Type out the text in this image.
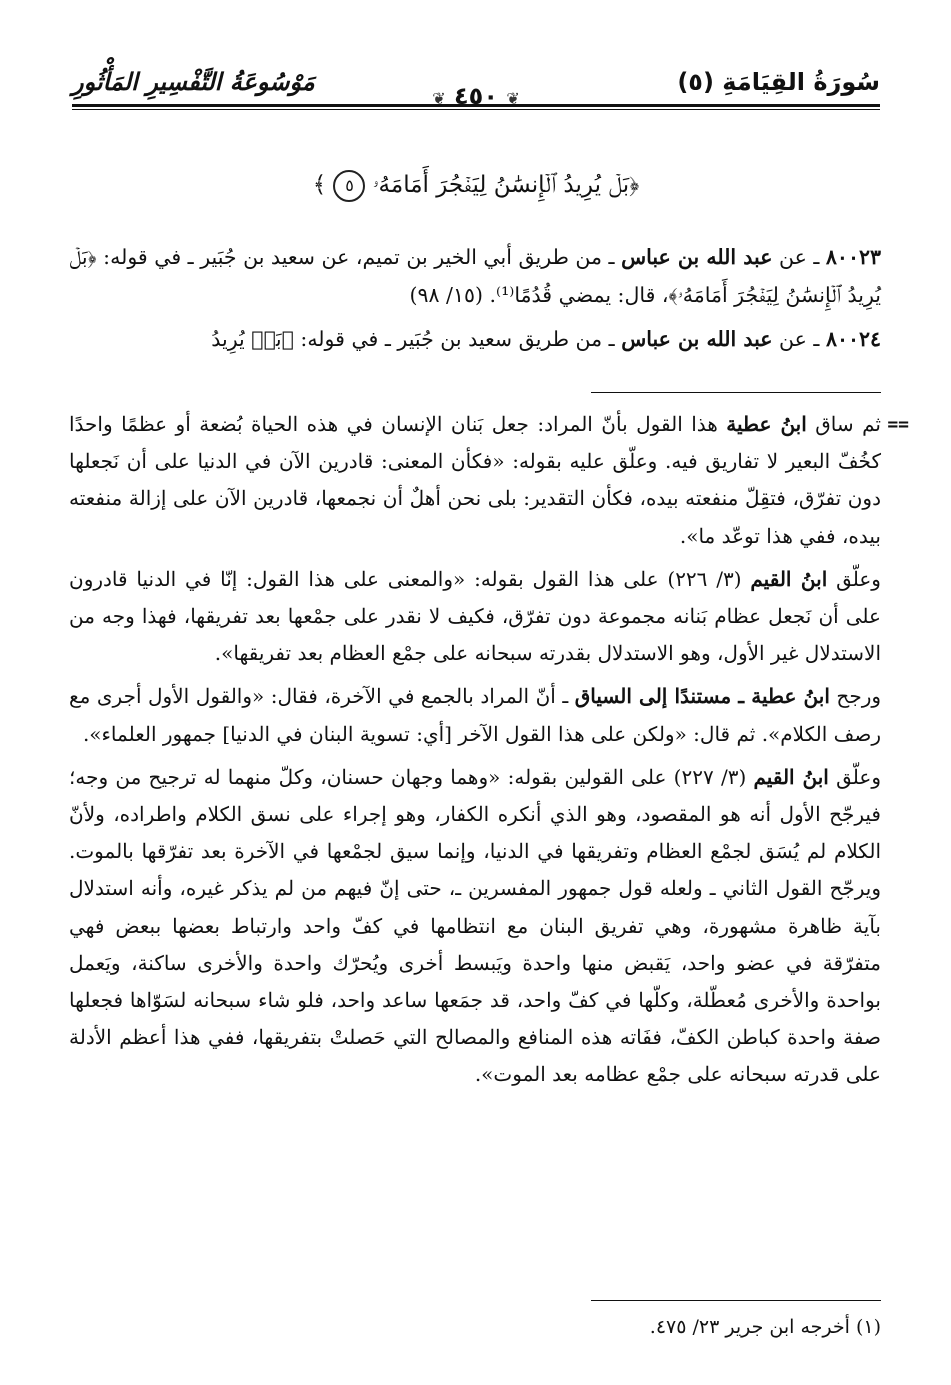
سُورَةُ القِيَامَةِ (٥)
❦ ٤٥٠ ❦
مَوْسُوعَةُ التَّفْسِيرِ المَأْثُورِ
﴿بَلۡ يُرِيدُ ٱلۡإِنسَٰنُ لِيَفۡجُرَ أَمَامَهُۥ ٥ ﴾

٨٠٠٢٣ ـ عن عبد الله بن عباس ـ من طريق أبي الخير بن تميم، عن سعيد بن جُبَير ـ في قوله: ﴿بَلۡ يُرِيدُ ٱلۡإِنسَٰنُ لِيَفۡجُرَ أَمَامَهُۥ﴾، قال: يمضي قُدُمًا⁽¹⁾. (١٥/ ٩٨)

٨٠٠٢٤ ـ عن عبد الله بن عباس ـ من طريق سعيد بن جُبَير ـ في قوله: ﴿بَلۡ يُرِيدُ

==

ثم ساق ابنُ عطية هذا القول بأنّ المراد: جعل بَنان الإنسان في هذه الحياة بُضعة أو عظمًا واحدًا كخُفّ البعير لا تفاريق فيه. وعلّق عليه بقوله: «فكأن المعنى: قادرين الآن في الدنيا على أن نَجعلها دون تفرّق، فتقِلّ منفعته بيده، فكأن التقدير: بلى نحن أهلٌ أن نجمعها، قادرين الآن على إزالة منفعته بيده، ففي هذا توعّد ما».

وعلّق ابنُ القيم (٣/ ٢٢٦) على هذا القول بقوله: «والمعنى على هذا القول: إنّا في الدنيا قادرون على أن نَجعل عظام بَنانه مجموعة دون تفرّق، فكيف لا نقدر على جمْعها بعد تفريقها، فهذا وجه من الاستدلال غير الأول، وهو الاستدلال بقدرته سبحانه على جمْع العظام بعد تفريقها».

ورجح ابنُ عطية ـ مستندًا إلى السياق ـ أنّ المراد بالجمع في الآخرة، فقال: «والقول الأول أجرى مع رصف الكلام». ثم قال: «ولكن على هذا القول الآخر [أي: تسوية البنان في الدنيا] جمهور العلماء».

وعلّق ابنُ القيم (٣/ ٢٢٧) على القولين بقوله: «وهما وجهان حسنان، وكلّ منهما له ترجيح من وجه؛ فيرجّح الأول أنه هو المقصود، وهو الذي أنكره الكفار، وهو إجراء على نسق الكلام واطراده، ولأنّ الكلام لم يُسَق لجمْع العظام وتفريقها في الدنيا، وإنما سيق لجمْعها في الآخرة بعد تفرّقها بالموت. ويرجّح القول الثاني ـ ولعله قول جمهور المفسرين ـ، حتى إنّ فيهم من لم يذكر غيره، وأنه استدلال بآية ظاهرة مشهورة، وهي تفريق البنان مع انتظامها في كفّ واحد وارتباط بعضها ببعض فهي متفرّقة في عضو واحد، يَقبض منها واحدة ويَبسط أخرى ويُحرّك واحدة والأخرى ساكنة، ويَعمل بواحدة والأخرى مُعطّلة، وكلّها في كفّ واحد، قد جمَعها ساعد واحد، فلو شاء سبحانه لسَوّاها فجعلها صفة واحدة كباطن الكفّ، ففَاته هذه المنافع والمصالح التي حَصلتْ بتفريقها، ففي هذا أعظم الأدلة على قدرته سبحانه على جمْع عظامه بعد الموت».

(١) أخرجه ابن جرير ٢٣/ ٤٧٥.
